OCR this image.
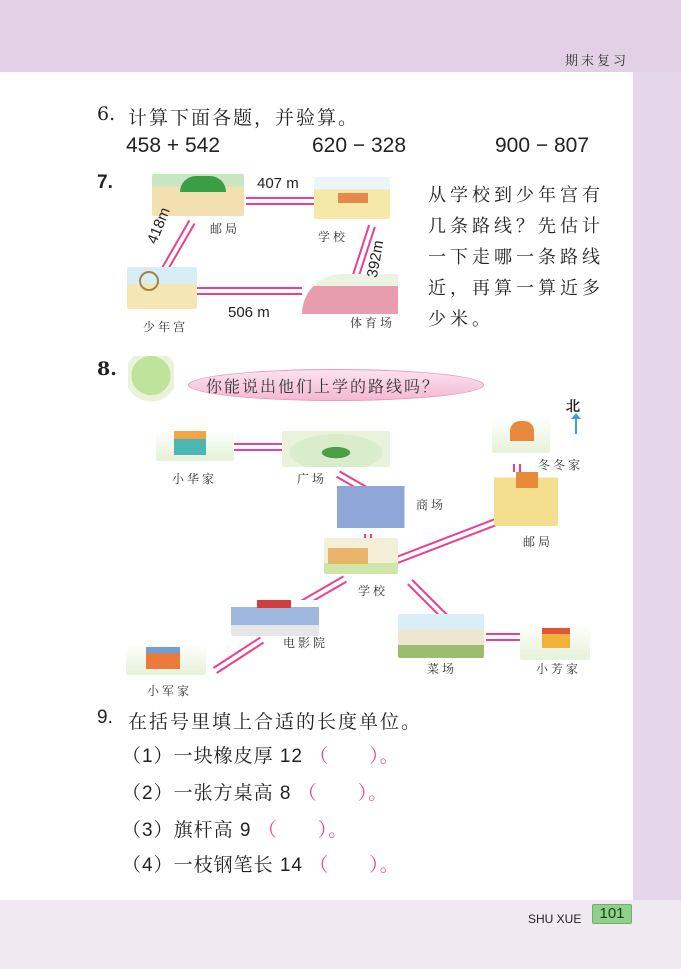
期末复习
6. 计算下面各题，并验算。
458 + 542	620 − 328	900 − 807
7.
邮局
学校
少年宫	体育场
407 m
418m
392m
506 m
从学校到少年宫有几条路线？先估计一下走哪一条路线近，再算一算近多少米。
8.
你能说出他们上学的路线吗？
北
小华家	广场
商场
冬冬家
邮局
学校
电影院
小军家
菜场	小芳家
9. 在括号里填上合适的长度单位。
（1）一块橡皮厚 12 （ ）。
（2）一张方桌高 8 （ ）。
（3）旗杆高 9 （ ）。
（4）一枝钢笔长 14 （ ）。
SHU XUE	101
